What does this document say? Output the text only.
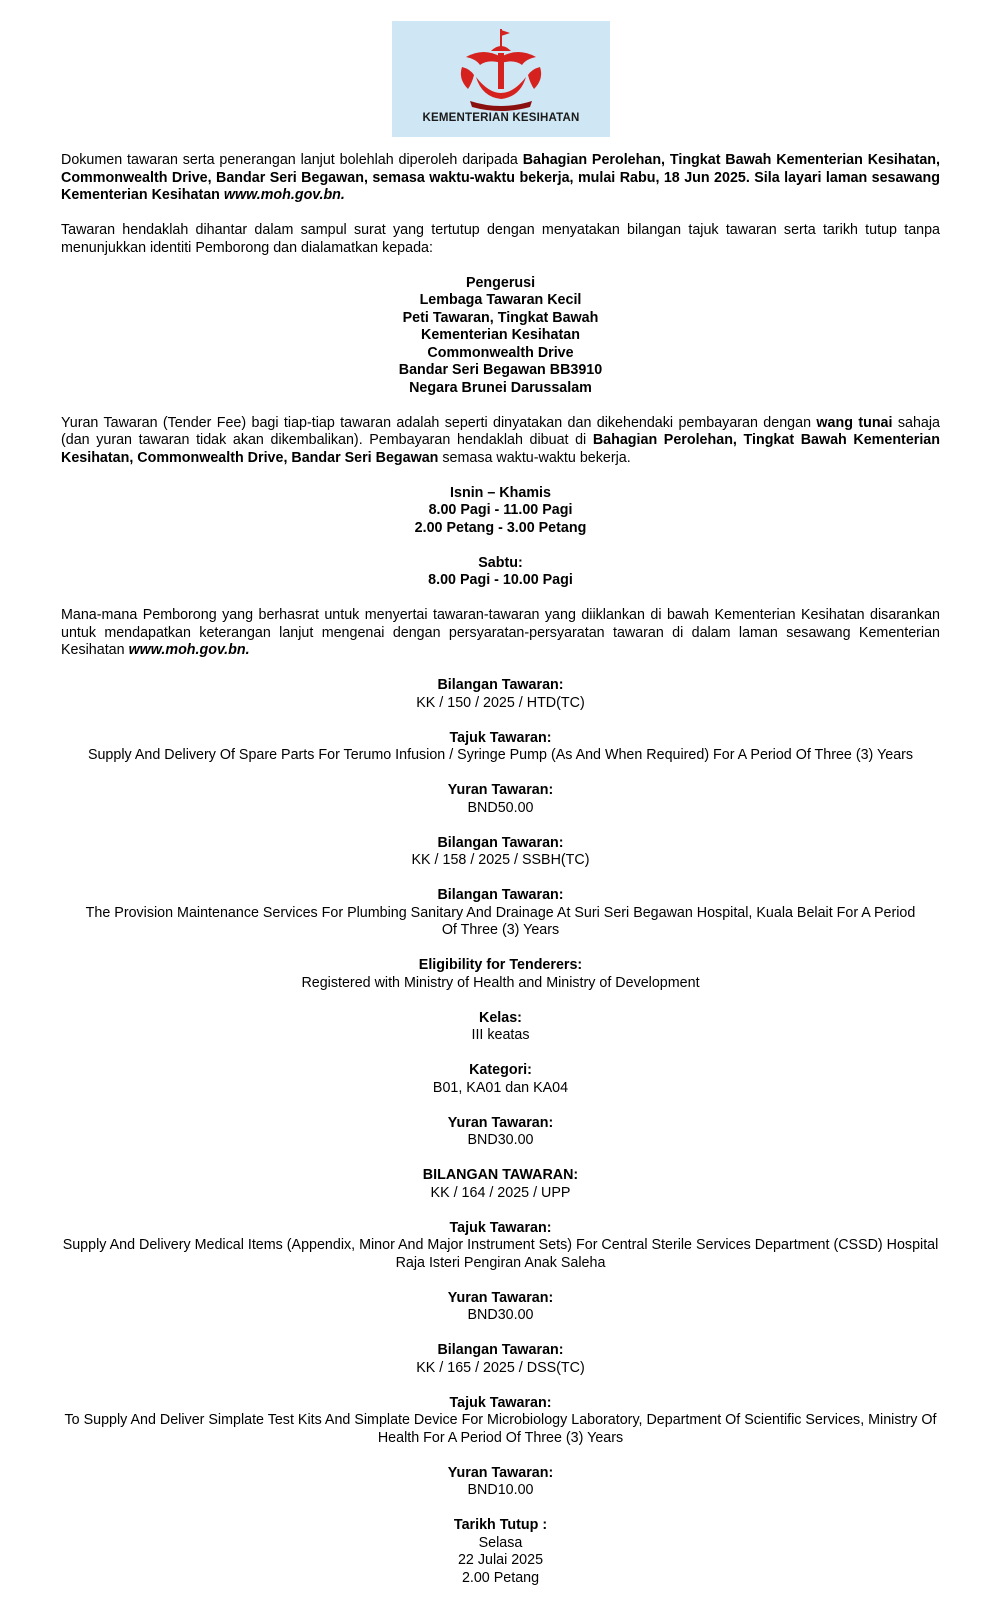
KEMENTERIAN KESIHATAN

Dokumen tawaran serta penerangan lanjut bolehlah diperoleh daripada Bahagian Perolehan, Tingkat Bawah Kementerian Kesihatan, Commonwealth Drive, Bandar Seri Begawan, semasa waktu-waktu bekerja, mulai Rabu, 18 Jun 2025. Sila layari laman sesawang Kementerian Kesihatan www.moh.gov.bn.

Tawaran hendaklah dihantar dalam sampul surat yang tertutup dengan menyatakan bilangan tajuk tawaran serta tarikh tutup tanpa menunjukkan identiti Pemborong dan dialamatkan kepada:

Pengerusi

Lembaga Tawaran Kecil

Peti Tawaran, Tingkat Bawah

Kementerian Kesihatan

Commonwealth Drive

Bandar Seri Begawan BB3910

Negara Brunei Darussalam

Yuran Tawaran (Tender Fee) bagi tiap-tiap tawaran adalah seperti dinyatakan dan dikehendaki pembayaran dengan wang tunai sahaja (dan yuran tawaran tidak akan dikembalikan). Pembayaran hendaklah dibuat di Bahagian Perolehan, Tingkat Bawah Kementerian Kesihatan, Commonwealth Drive, Bandar Seri Begawan semasa waktu-waktu bekerja.

Isnin – Khamis

8.00 Pagi - 11.00 Pagi

2.00 Petang - 3.00 Petang

Sabtu:

8.00 Pagi - 10.00 Pagi

Mana-mana Pemborong yang berhasrat untuk menyertai tawaran-tawaran yang diiklankan di bawah Kementerian Kesihatan disarankan untuk mendapatkan keterangan lanjut mengenai dengan persyaratan-persyaratan tawaran di dalam laman sesawang Kementerian Kesihatan www.moh.gov.bn.

Bilangan Tawaran:

KK / 150 / 2025 / HTD(TC)

Tajuk Tawaran:

Supply And Delivery Of Spare Parts For Terumo Infusion / Syringe Pump (As And When Required) For A Period Of Three (3) Years

Yuran Tawaran:

BND50.00

Bilangan Tawaran:

KK / 158 / 2025 / SSBH(TC)

Bilangan Tawaran:

The Provision Maintenance Services For Plumbing Sanitary And Drainage At Suri Seri Begawan Hospital, Kuala Belait For A Period Of Three (3) Years

Eligibility for Tenderers:

Registered with Ministry of Health and Ministry of Development

Kelas:

III keatas

Kategori:

B01, KA01 dan KA04

Yuran Tawaran:

BND30.00

BILANGAN TAWARAN:

KK / 164 / 2025 / UPP

Tajuk Tawaran:

Supply And Delivery Medical Items (Appendix, Minor And Major Instrument Sets) For Central Sterile Services Department (CSSD) Hospital Raja Isteri Pengiran Anak Saleha

Yuran Tawaran:

BND30.00

Bilangan Tawaran:

KK / 165 / 2025 / DSS(TC)

Tajuk Tawaran:

To Supply And Deliver Simplate Test Kits And Simplate Device For Microbiology Laboratory, Department Of Scientific Services, Ministry Of Health For A Period Of Three (3) Years

Yuran Tawaran:

BND10.00

Tarikh Tutup :

Selasa

22 Julai 2025

2.00 Petang
